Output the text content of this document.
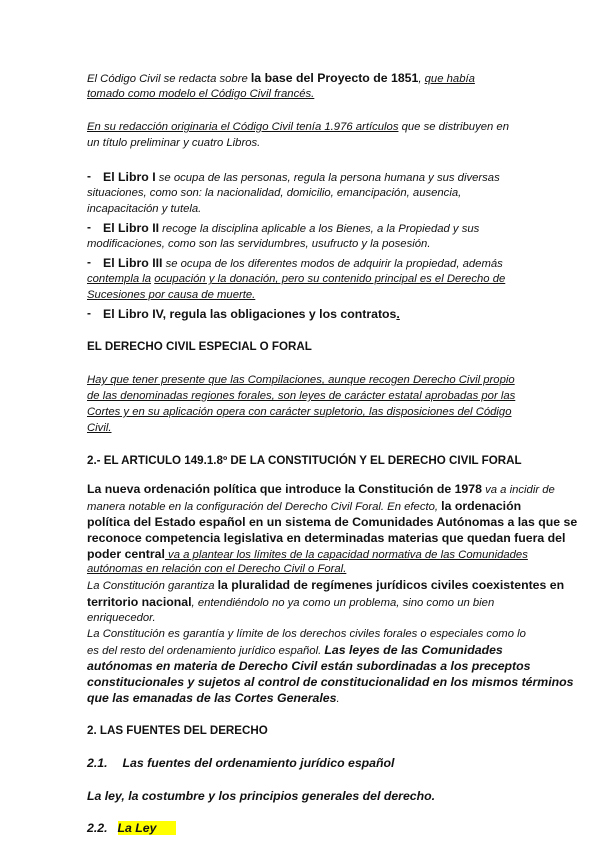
El Código Civil se redacta sobre la base del Proyecto de 1851, que había
tomado como modelo el Código Civil francés.
En su redacción originaria el Código Civil tenía 1.976 artículos que se distribuyen en
un título preliminar y cuatro Libros.
- El Libro I se ocupa de las personas, regula la persona humana y sus diversas
situaciones, como son: la nacionalidad, domicilio, emancipación, ausencia,
incapacitación y tutela.
- El Libro II recoge la disciplina aplicable a los Bienes, a la Propiedad y sus
modificaciones, como son las servidumbres, usufructo y la posesión.
- El Libro III se ocupa de los diferentes modos de adquirir la propiedad, además
contempla la ocupación y la donación, pero su contenido principal es el Derecho de
Sucesiones por causa de muerte.
- El Libro IV, regula las obligaciones y los contratos.
EL DERECHO CIVIL ESPECIAL O FORAL
Hay que tener presente que las Compilaciones, aunque recogen Derecho Civil propio
de las denominadas regiones forales, son leyes de carácter estatal aprobadas por las
Cortes y en su aplicación opera con carácter supletorio, las disposiciones del Código
Civil.
2.- EL ARTICULO 149.1.8º DE LA CONSTITUCIÓN Y EL DERECHO CIVIL FORAL
La nueva ordenación política que introduce la Constitución de 1978 va a incidir de
manera notable en la configuración del Derecho Civil Foral. En efecto, la ordenación
política del Estado español en un sistema de Comunidades Autónomas a las que se
reconoce competencia legislativa en determinadas materias que quedan fuera del
poder central va a plantear los límites de la capacidad normativa de las Comunidades
autónomas en relación con el Derecho Civil o Foral.
La Constitución garantiza la pluralidad de regímenes jurídicos civiles coexistentes en
territorio nacional, entendiéndolo no ya como un problema, sino como un bien
enriquecedor.
La Constitución es garantía y límite de los derechos civiles forales o especiales como lo
es del resto del ordenamiento jurídico español. Las leyes de las Comunidades
autónomas en materia de Derecho Civil están subordinadas a los preceptos
constitucionales y sujetos al control de constitucionalidad en los mismos términos
que las emanadas de las Cortes Generales.
2. LAS FUENTES DEL DERECHO
2.1. Las fuentes del ordenamiento jurídico español
La ley, la costumbre y los principios generales del derecho.
2.2. La Ley
